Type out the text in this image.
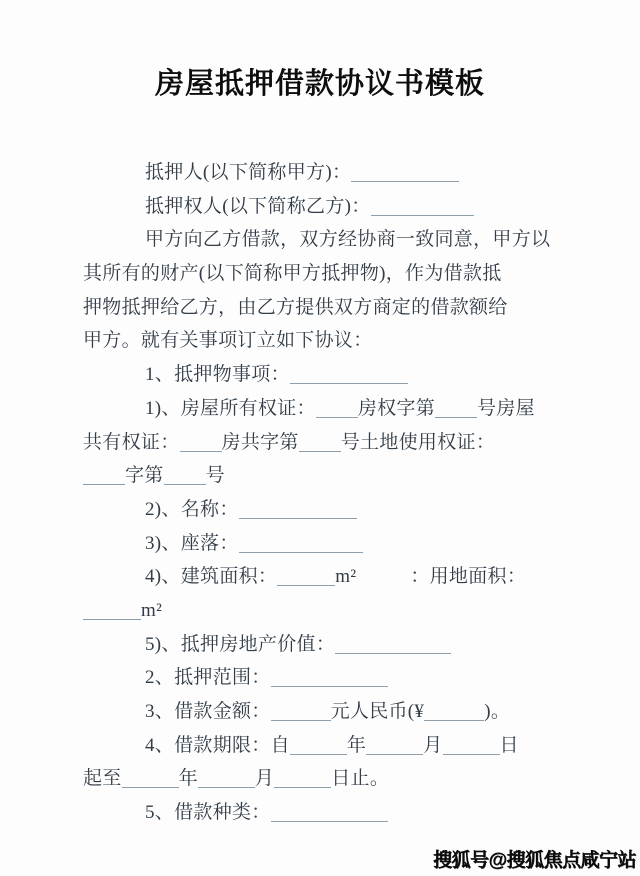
房屋抵押借款协议书模板

抵押人(以下简称甲方)：

抵押权人(以下简称乙方)：

甲方向乙方借款，双方经协商一致同意，甲方以

其所有的财产(以下简称甲方抵押物)，作为借款抵

押物抵押给乙方，由乙方提供双方商定的借款额给

甲方。就有关事项订立如下协议：

1、抵押物事项：

1)、房屋所有权证： 房权字第 号房屋

共有权证： 房共字第 号土地使用权证：

字第 号

2)、名称：

3)、座落：

4)、建筑面积：	m²	：用地面积：

m²

5)、抵押房地产价值：

2、抵押范围：

3、借款金额：	元人民币(¥	)。

4、借款期限：自	年	月	日

起至	年	月	日止。

5、借款种类：

搜狐号@搜狐焦点咸宁站
